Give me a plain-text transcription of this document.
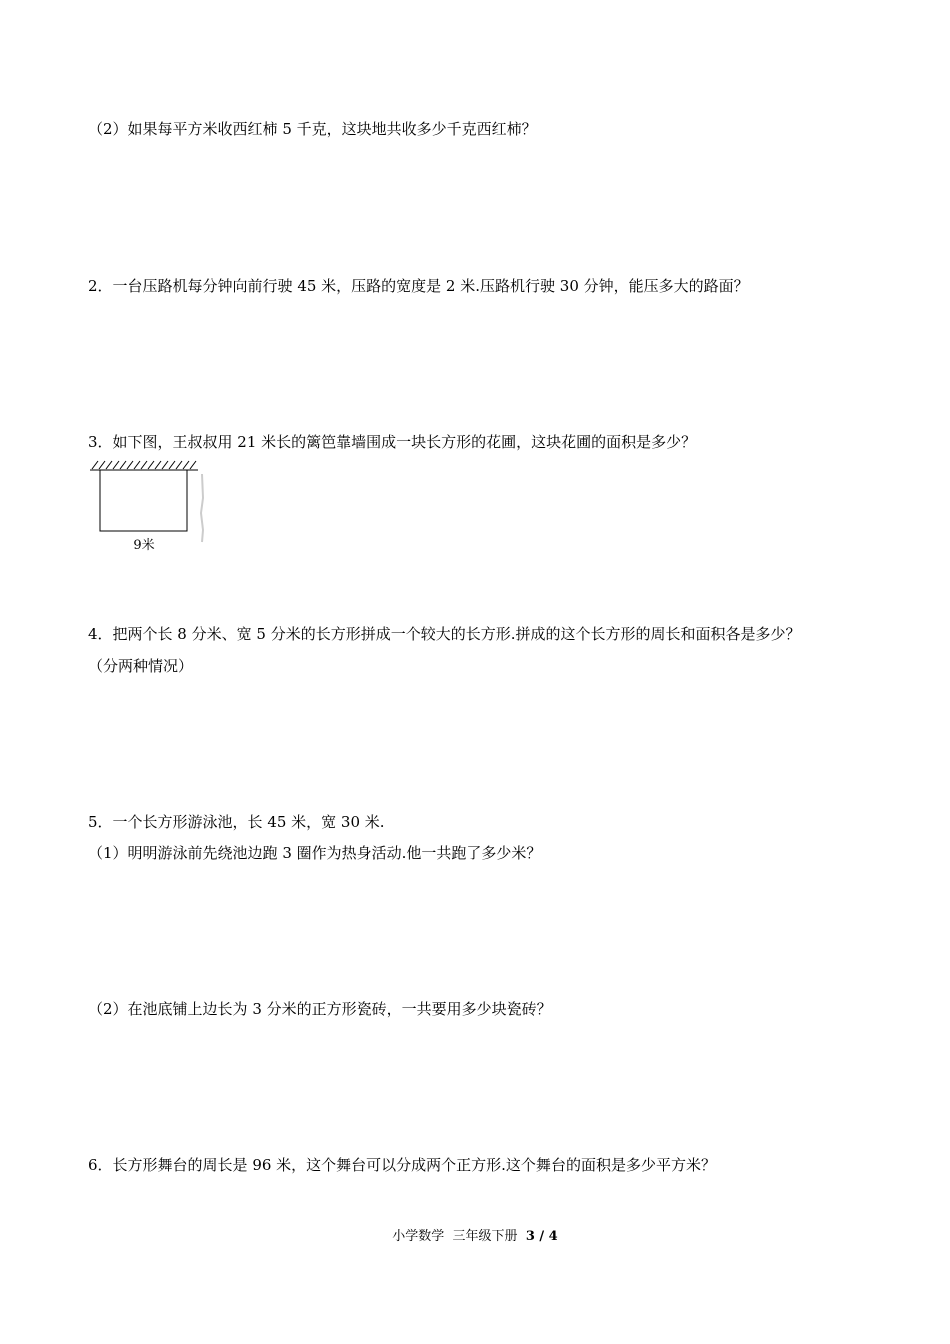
（2）如果每平方米收西红柿 5 千克，这块地共收多少千克西红柿？
2．一台压路机每分钟向前行驶 45 米，压路的宽度是 2 米.压路机行驶 30 分钟，能压多大的路面？
3．如下图，王叔叔用 21 米长的篱笆靠墙围成一块长方形的花圃，这块花圃的面积是多少？
9米
4．把两个长 8 分米、宽 5 分米的长方形拼成一个较大的长方形.拼成的这个长方形的周长和面积各是多少？
（分两种情况）
5．一个长方形游泳池，长 45 米，宽 30 米.
（1）明明游泳前先绕池边跑 3 圈作为热身活动.他一共跑了多少米？
（2）在池底铺上边长为 3 分米的正方形瓷砖，一共要用多少块瓷砖？
6．长方形舞台的周长是 96 米，这个舞台可以分成两个正方形.这个舞台的面积是多少平方米？
小学数学 三年级下册 3 / 4
